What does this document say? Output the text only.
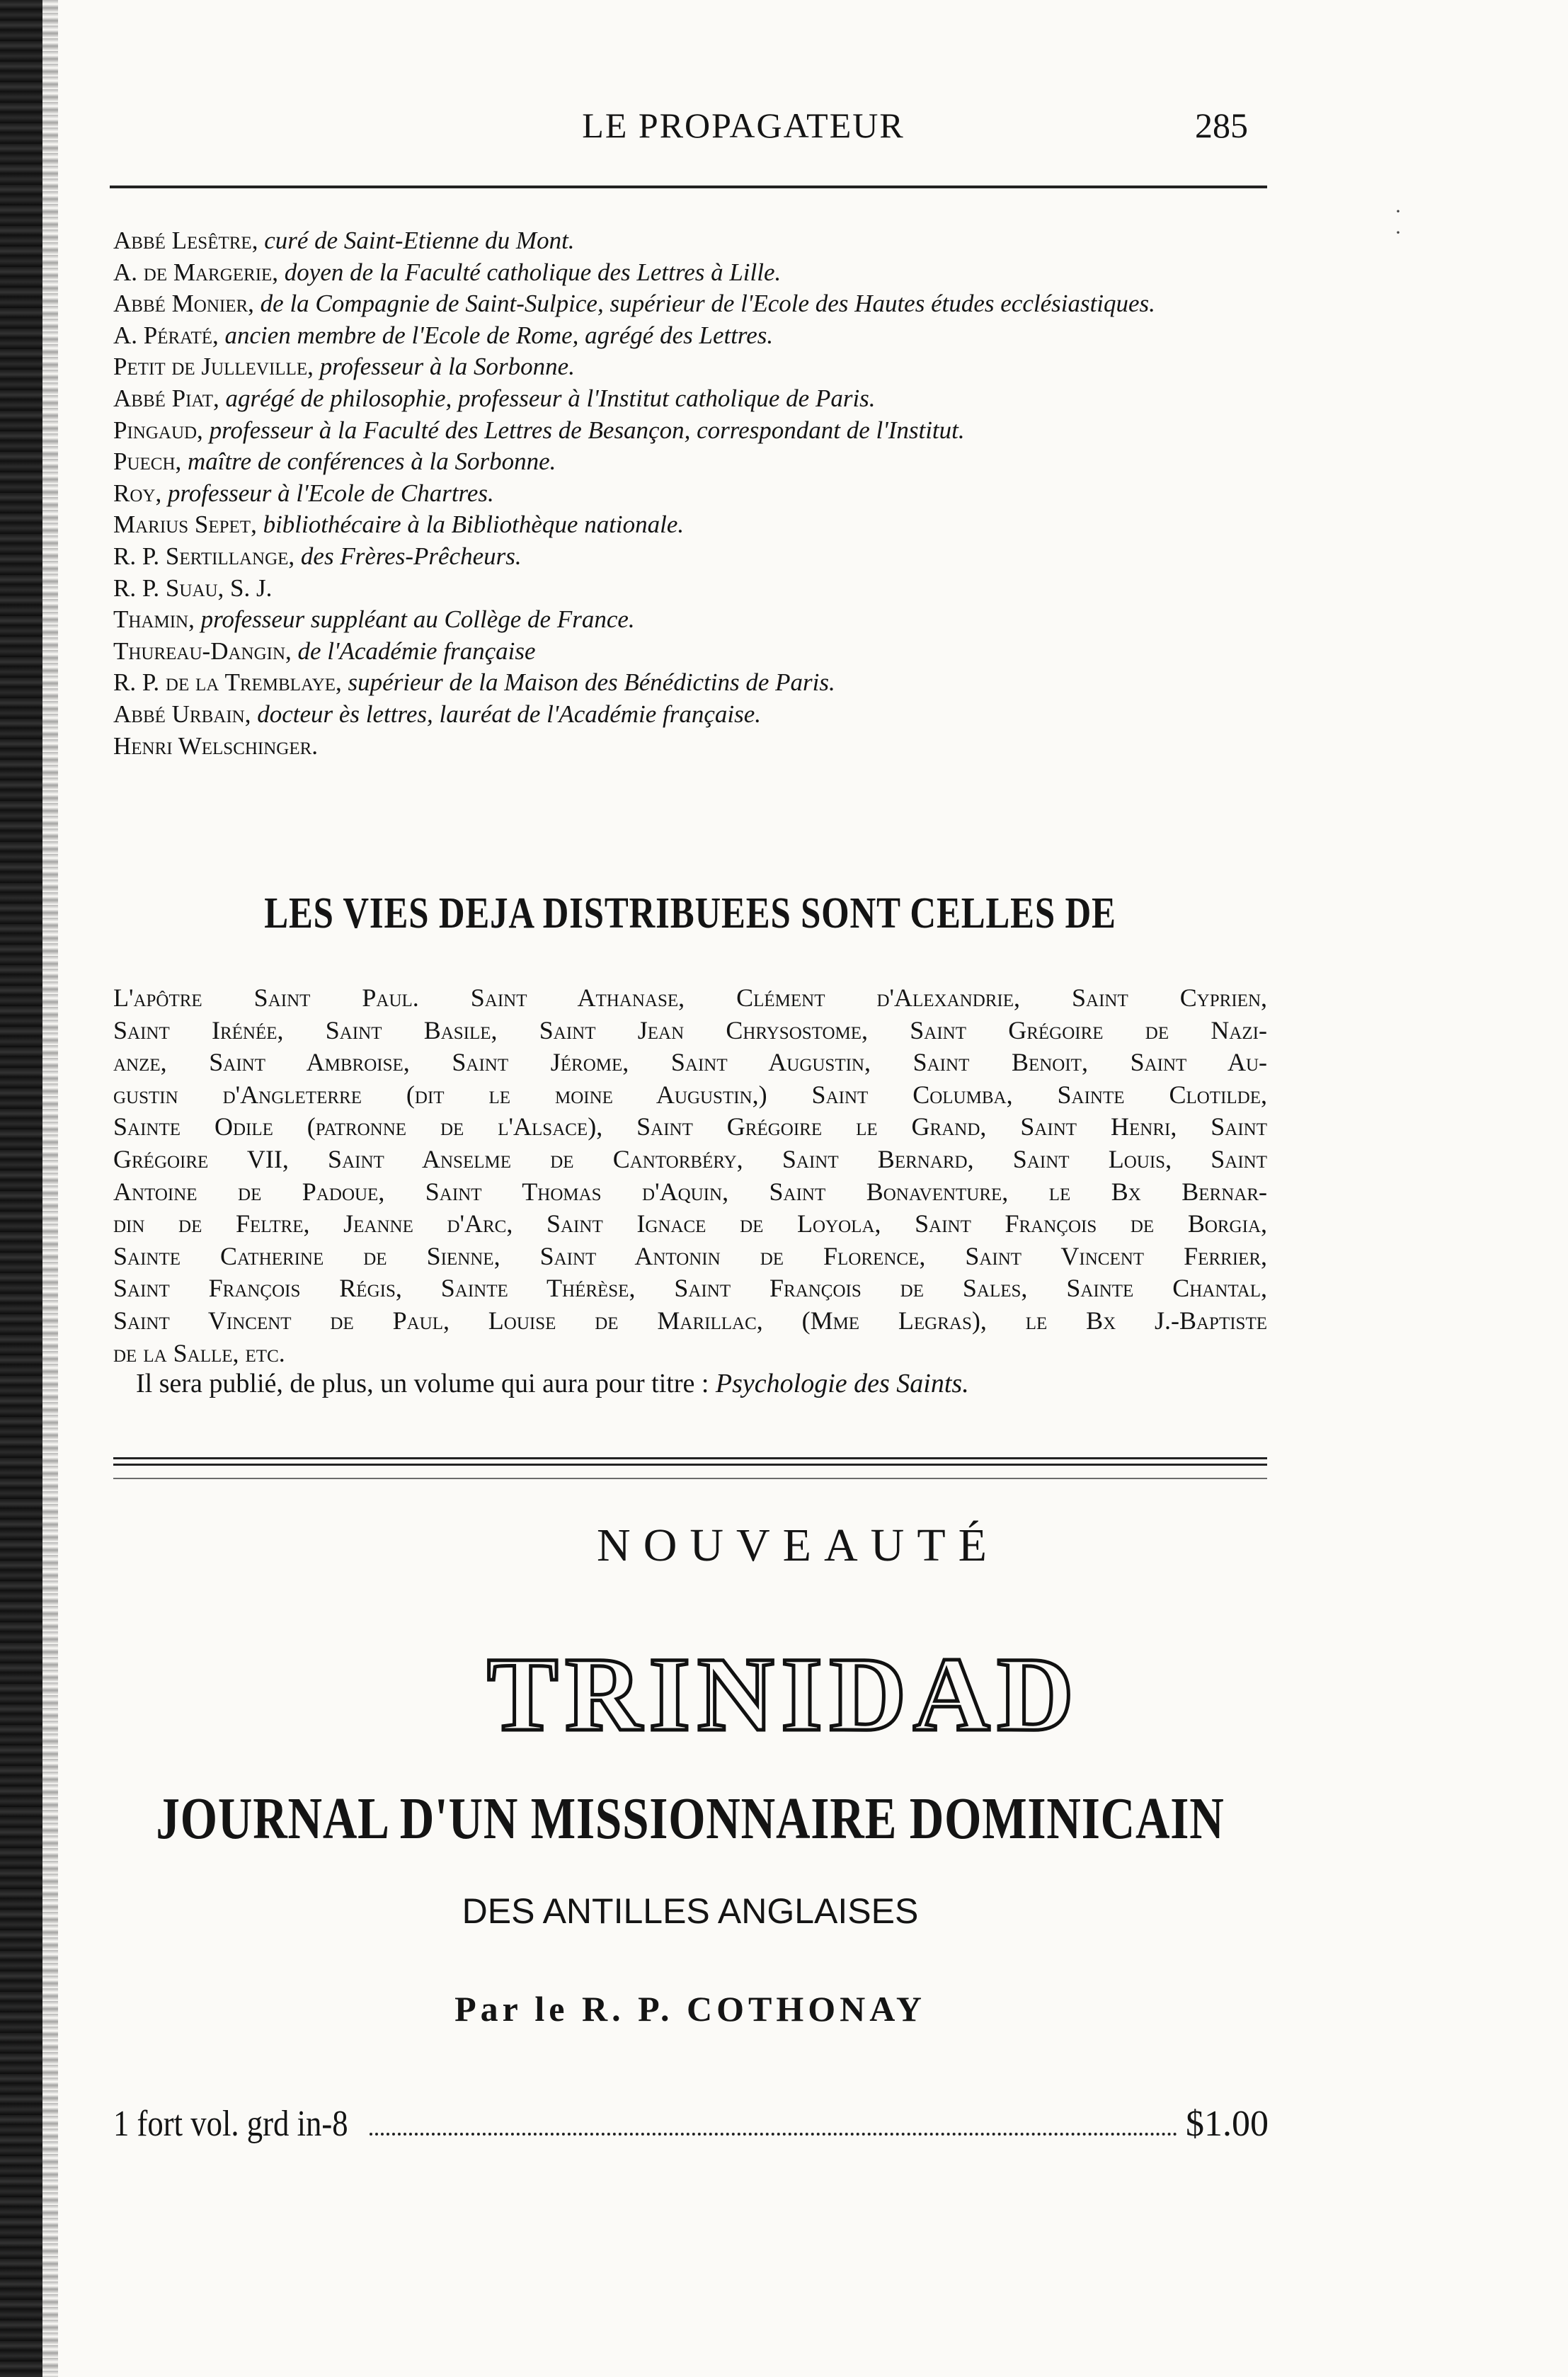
LE PROPAGATEUR	285
Abbé Lesêtre, curé de Saint-Etienne du Mont.
A. de Margerie, doyen de la Faculté catholique des Lettres à Lille.
Abbé Monier, de la Compagnie de Saint-Sulpice, supérieur de l'Ecole des Hautes études ecclésiastiques.
A. Pératé, ancien membre de l'Ecole de Rome, agrégé des Lettres.
Petit de Julleville, professeur à la Sorbonne.
Abbé Piat, agrégé de philosophie, professeur à l'Institut catholique de Paris.
Pingaud, professeur à la Faculté des Lettres de Besançon, correspondant de l'Institut.
Puech, maître de conférences à la Sorbonne.
Roy, professeur à l'Ecole de Chartres.
Marius Sepet, bibliothécaire à la Bibliothèque nationale.
R. P. Sertillange, des Frères-Prêcheurs.
R. P. Suau, S. J.
Thamin, professeur suppléant au Collège de France.
Thureau-Dangin, de l'Académie française
R. P. de la Tremblaye, supérieur de la Maison des Bénédictins de Paris.
Abbé Urbain, docteur ès lettres, lauréat de l'Académie française.
Henri Welschinger.
LES VIES DEJA DISTRIBUEES SONT CELLES DE
L'apôtre Saint Paul. Saint Athanase, Clément d'Alexandrie, Saint Cyprien,
Saint Irénée, Saint Basile, Saint Jean Chrysostome, Saint Grégoire de Nazi-
anze, Saint Ambroise, Saint Jérome, Saint Augustin, Saint Benoit, Saint Au-
gustin d'Angleterre (dit le moine Augustin,) Saint Columba, Sainte Clotilde,
Sainte Odile (patronne de l'Alsace), Saint Grégoire le Grand, Saint Henri, Saint
Grégoire VII, Saint Anselme de Cantorbéry, Saint Bernard, Saint Louis, Saint
Antoine de Padoue, Saint Thomas d'Aquin, Saint Bonaventure, le Bx Bernar-
din de Feltre, Jeanne d'Arc, Saint Ignace de Loyola, Saint François de Borgia,
Sainte Catherine de Sienne, Saint Antonin de Florence, Saint Vincent Ferrier,
Saint François Régis, Sainte Thérèse, Saint François de Sales, Sainte Chantal,
Saint Vincent de Paul, Louise de Marillac, (Mme Legras), le Bx J.-Baptiste
de la Salle, etc.
Il sera publié, de plus, un volume qui aura pour titre : Psychologie des Saints.
NOUVEAUTÉ
TRINIDAD
JOURNAL D'UN MISSIONNAIRE DOMINICAIN
DES ANTILLES ANGLAISES
Par le R. P. COTHONAY
1 fort vol. grd in-8	$1.00
·
·
